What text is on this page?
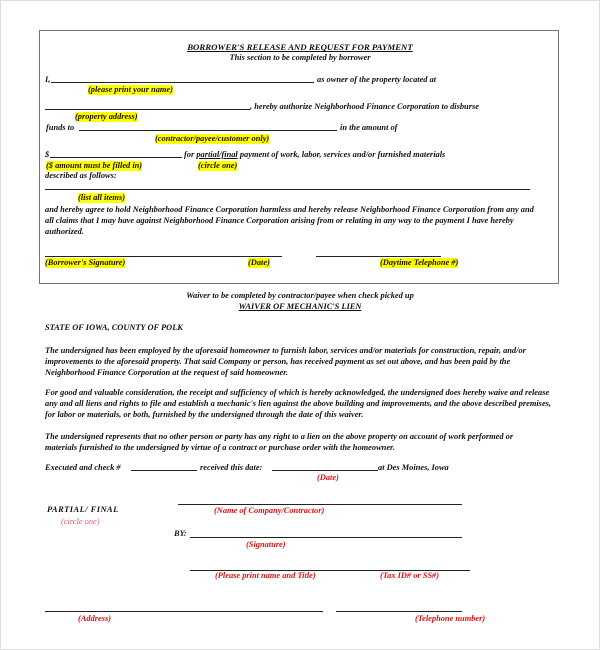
BORROWER'S RELEASE AND REQUEST FOR PAYMENT
This section to be completed by borrower
I,	as owner of the property located at
(please print your name)
, hereby authorize Neighborhood Finance Corporation to disburse
(property address)
funds to	in the amount of
(contractor/payee/customer only)
$	for partial/final payment of work, labor, services and/or furnished materials
($ amount must be filled in)	(circle one)
described as follows:
(list all items)
and hereby agree to hold Neighborhood Finance Corporation harmless and hereby release Neighborhood Finance Corporation from any and all claims that I may have against Neighborhood Finance Corporation arising from or relating in any way to the payment I have hereby authorized.
(Borrower's Signature)	(Date)	(Daytime Telephone #)
Waiver to be completed by contractor/payee when check picked up
WAIVER OF MECHANIC'S LIEN
STATE OF IOWA, COUNTY OF POLK
The undersigned has been employed by the aforesaid homeowner to furnish labor, services and/or materials for construction, repair, and/or improvements to the aforesaid property. That said Company or person, has received payment as set out above, and has been paid by the Neighborhood Finance Corporation at the request of said homeowner.
For good and valuable consideration, the receipt and sufficiency of which is hereby acknowledged, the undersigned does hereby waive and release any and all liens and rights to file and establish a mechanic's lien against the above building and improvements, and the above described premises, for labor or materials, or both, furnished by the undersigned through the date of this waiver.
The undersigned represents that no other person or party has any right to a lien on the above property on account of work performed or materials furnished to the undersigned by virtue of a contract or purchase order with the homeowner.
Executed and check #	received this date:	at Des Moines, Iowa
(Date)
PARTIAL/ FINAL
(circle one)
(Name of Company/Contractor)
BY:
(Signature)
(Please print name and Title)	(Tax ID# or SS#)
(Address)	(Telephone number)
